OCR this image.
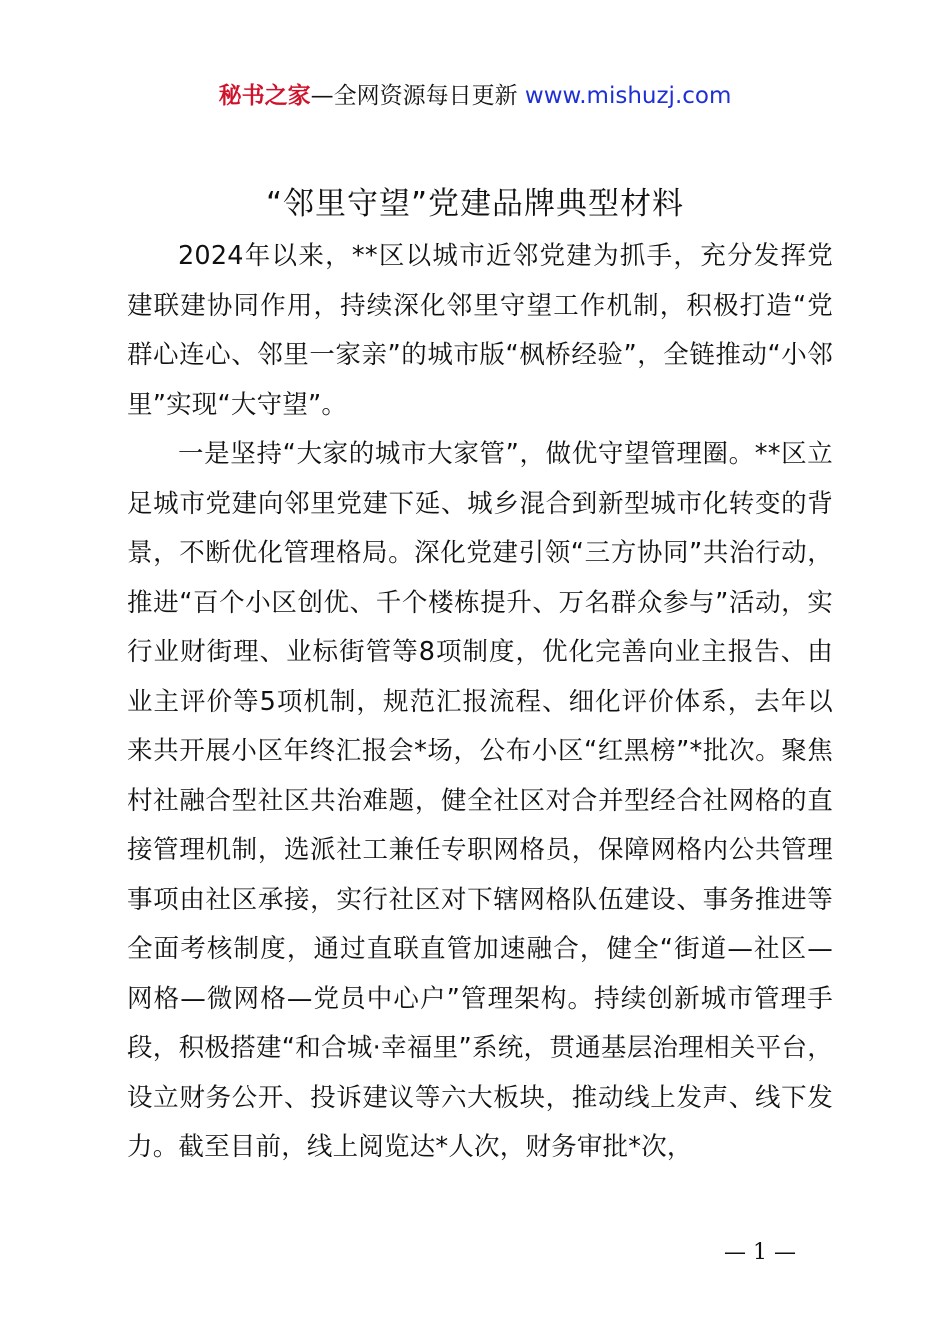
秘书之家—全网资源每日更新 www.mishuzj.com
“邻里守望”党建品牌典型材料

2024年以来，**区以城市近邻党建为抓手，充分发挥党建联建协同作用，持续深化邻里守望工作机制，积极打造“党群心连心、邻里一家亲”的城市版“枫桥经验”，全链推动“小邻里”实现“大守望”。

一是坚持“大家的城市大家管”，做优守望管理圈。**区立足城市党建向邻里党建下延、城乡混合到新型城市化转变的背景，不断优化管理格局。深化党建引领“三方协同”共治行动，推进“百个小区创优、千个楼栋提升、万名群众参与”活动，实行业财街理、业标街管等8项制度，优化完善向业主报告、由业主评价等5项机制，规范汇报流程、细化评价体系，去年以来共开展小区年终汇报会*场，公布小区“红黑榜”*批次。聚焦村社融合型社区共治难题，健全社区对合并型经合社网格的直接管理机制，选派社工兼任专职网格员，保障网格内公共管理事项由社区承接，实行社区对下辖网格队伍建设、事务推进等全面考核制度，通过直联直管加速融合，健全“街道—社区—网格—微网格—党员中心户”管理架构。持续创新城市管理手段，积极搭建“和合城·幸福里”系统，贯通基层治理相关平台，设立财务公开、投诉建议等六大板块，推动线上发声、线下发力。截至目前，线上阅览达*人次，财务审批*次，

— 1 —
